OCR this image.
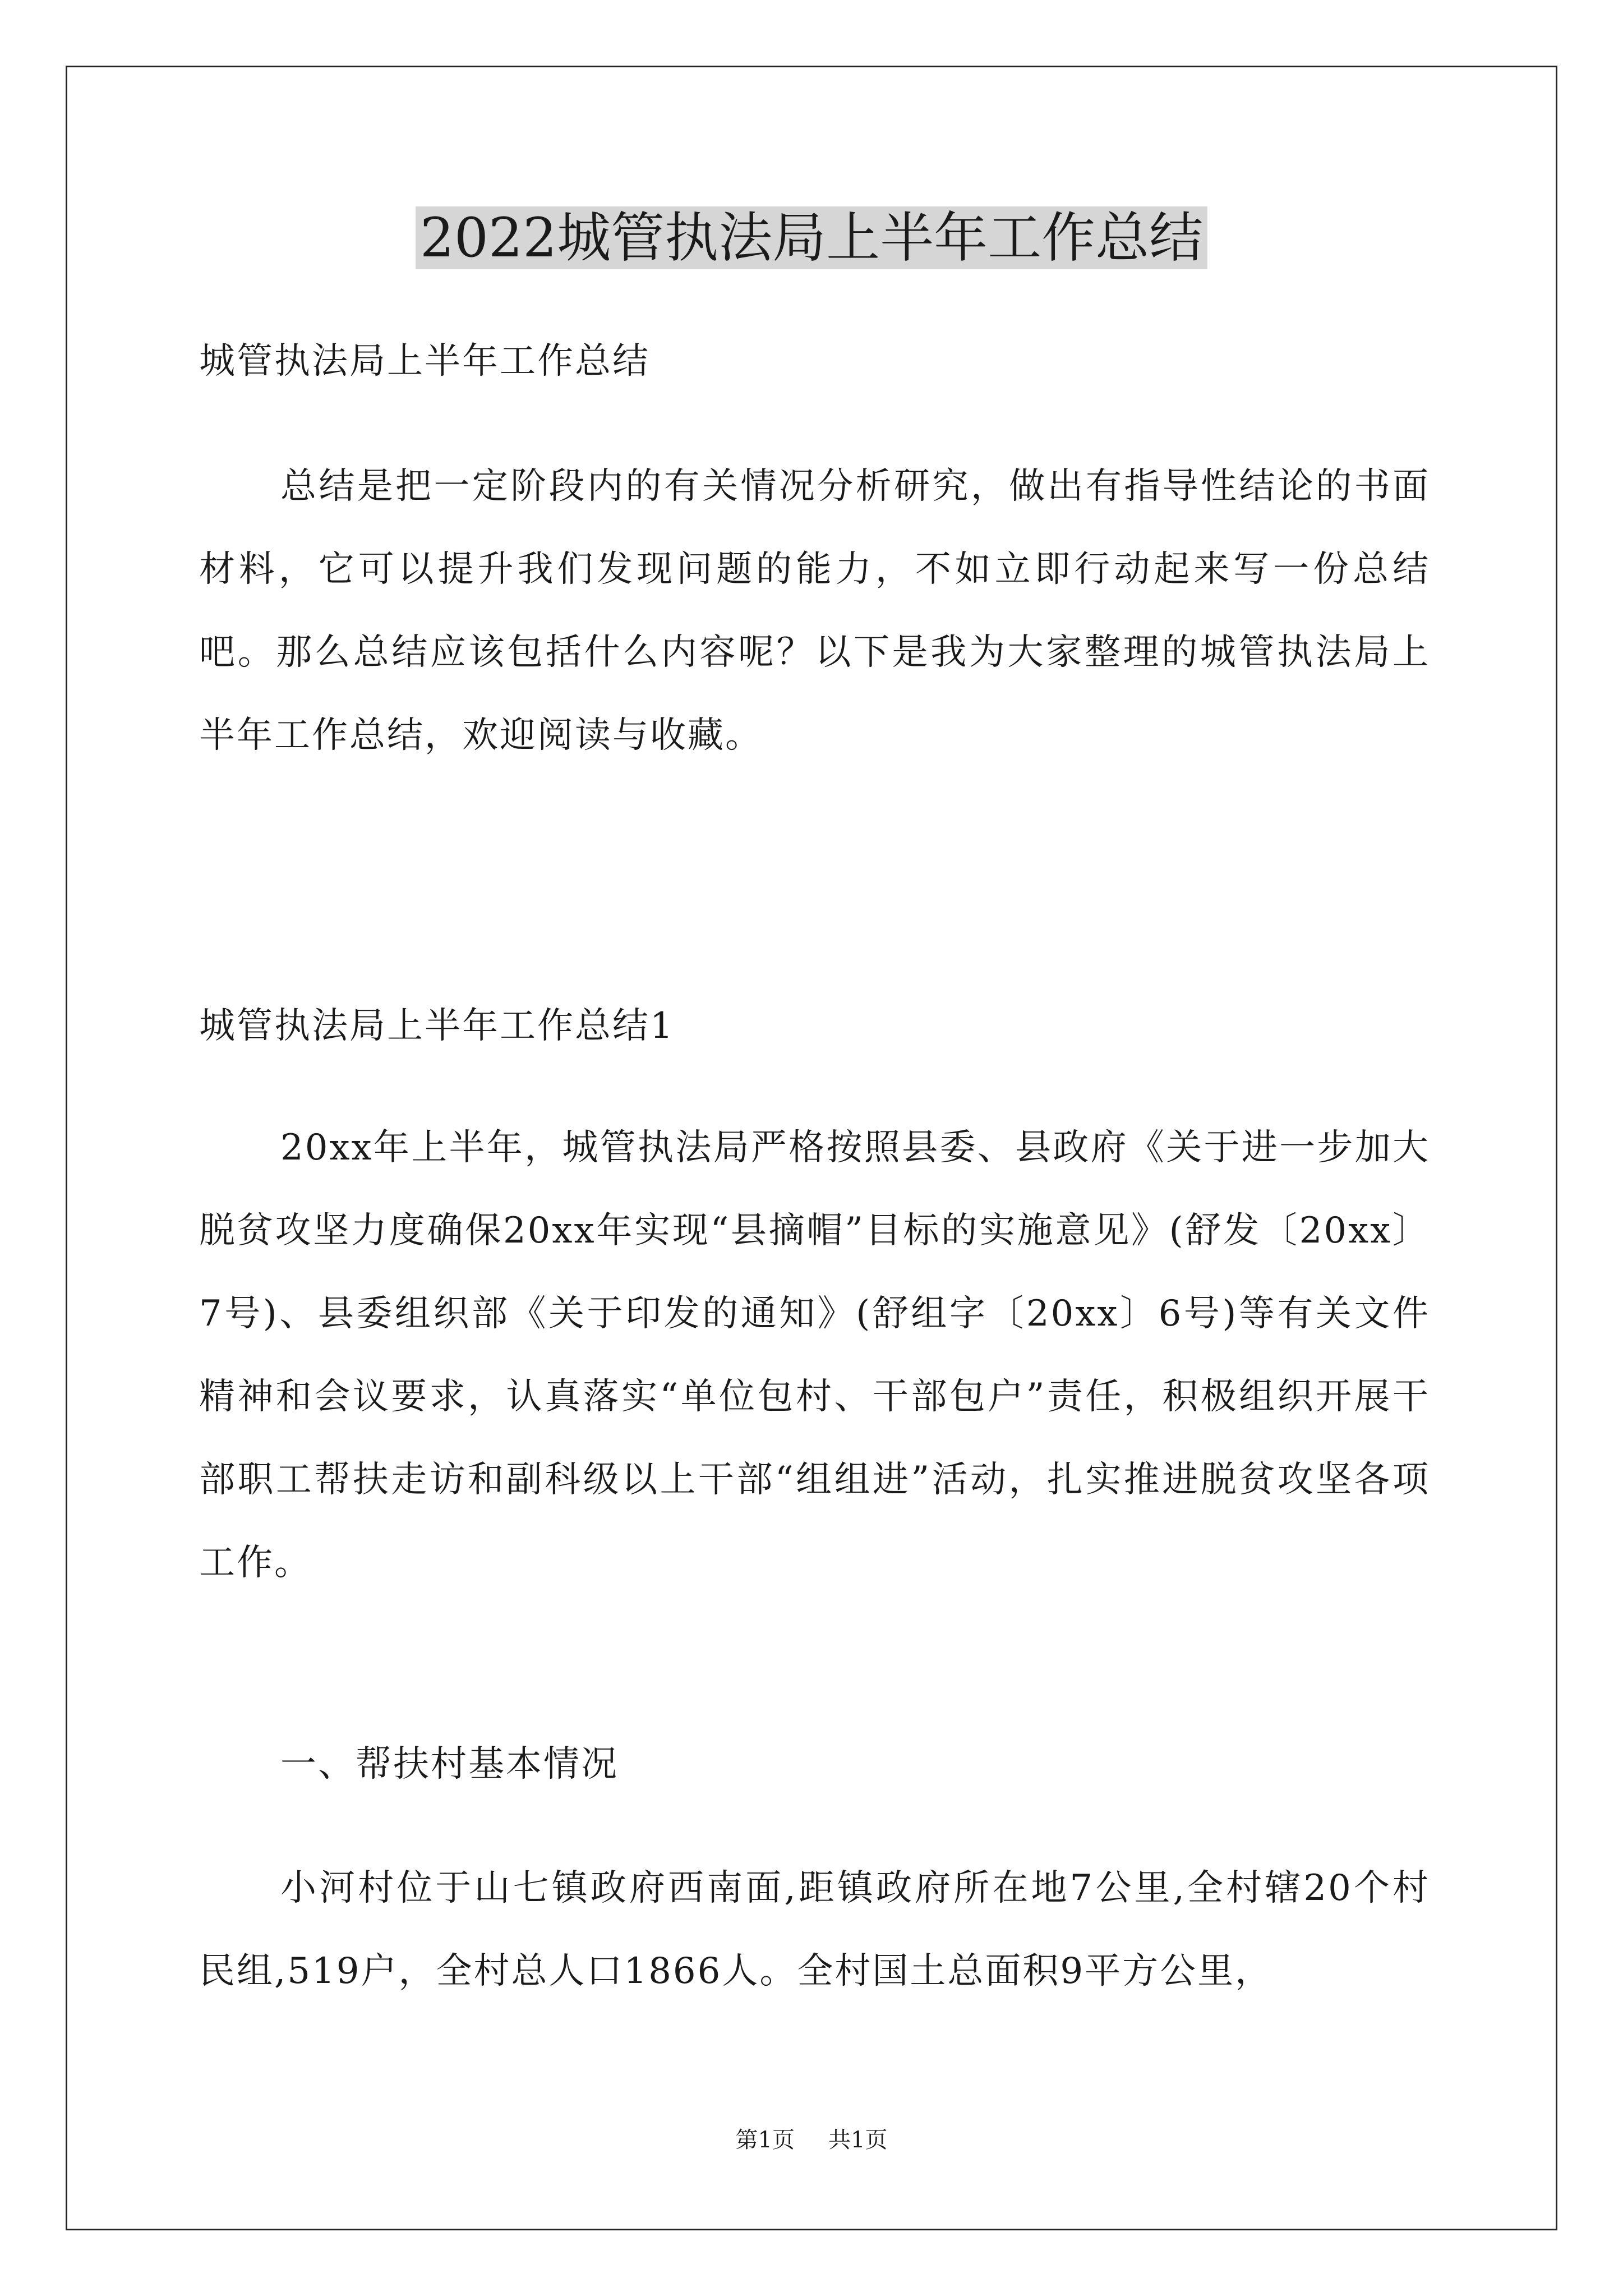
2022城管执法局上半年工作总结
城管执法局上半年工作总结
总结是把一定阶段内的有关情况分析研究，做出有指导性结论的书面材料，它可以提升我们发现问题的能力，不如立即行动起来写一份总结吧。那么总结应该包括什么内容呢？以下是我为大家整理的城管执法局上半年工作总结，欢迎阅读与收藏。
城管执法局上半年工作总结1
20xx年上半年，城管执法局严格按照县委、县政府《关于进一步加大脱贫攻坚力度确保20xx年实现“县摘帽”目标的实施意见》(舒发〔20xx〕7号)、县委组织部《关于印发的通知》(舒组字〔20xx〕6号)等有关文件精神和会议要求，认真落实“单位包村、干部包户”责任，积极组织开展干部职工帮扶走访和副科级以上干部“组组进”活动，扎实推进脱贫攻坚各项工作。
一、帮扶村基本情况
小河村位于山七镇政府西南面,距镇政府所在地7公里,全村辖20个村民组,519户，全村总人口1866人。全村国土总面积9平方公里，
第1页 共1页
